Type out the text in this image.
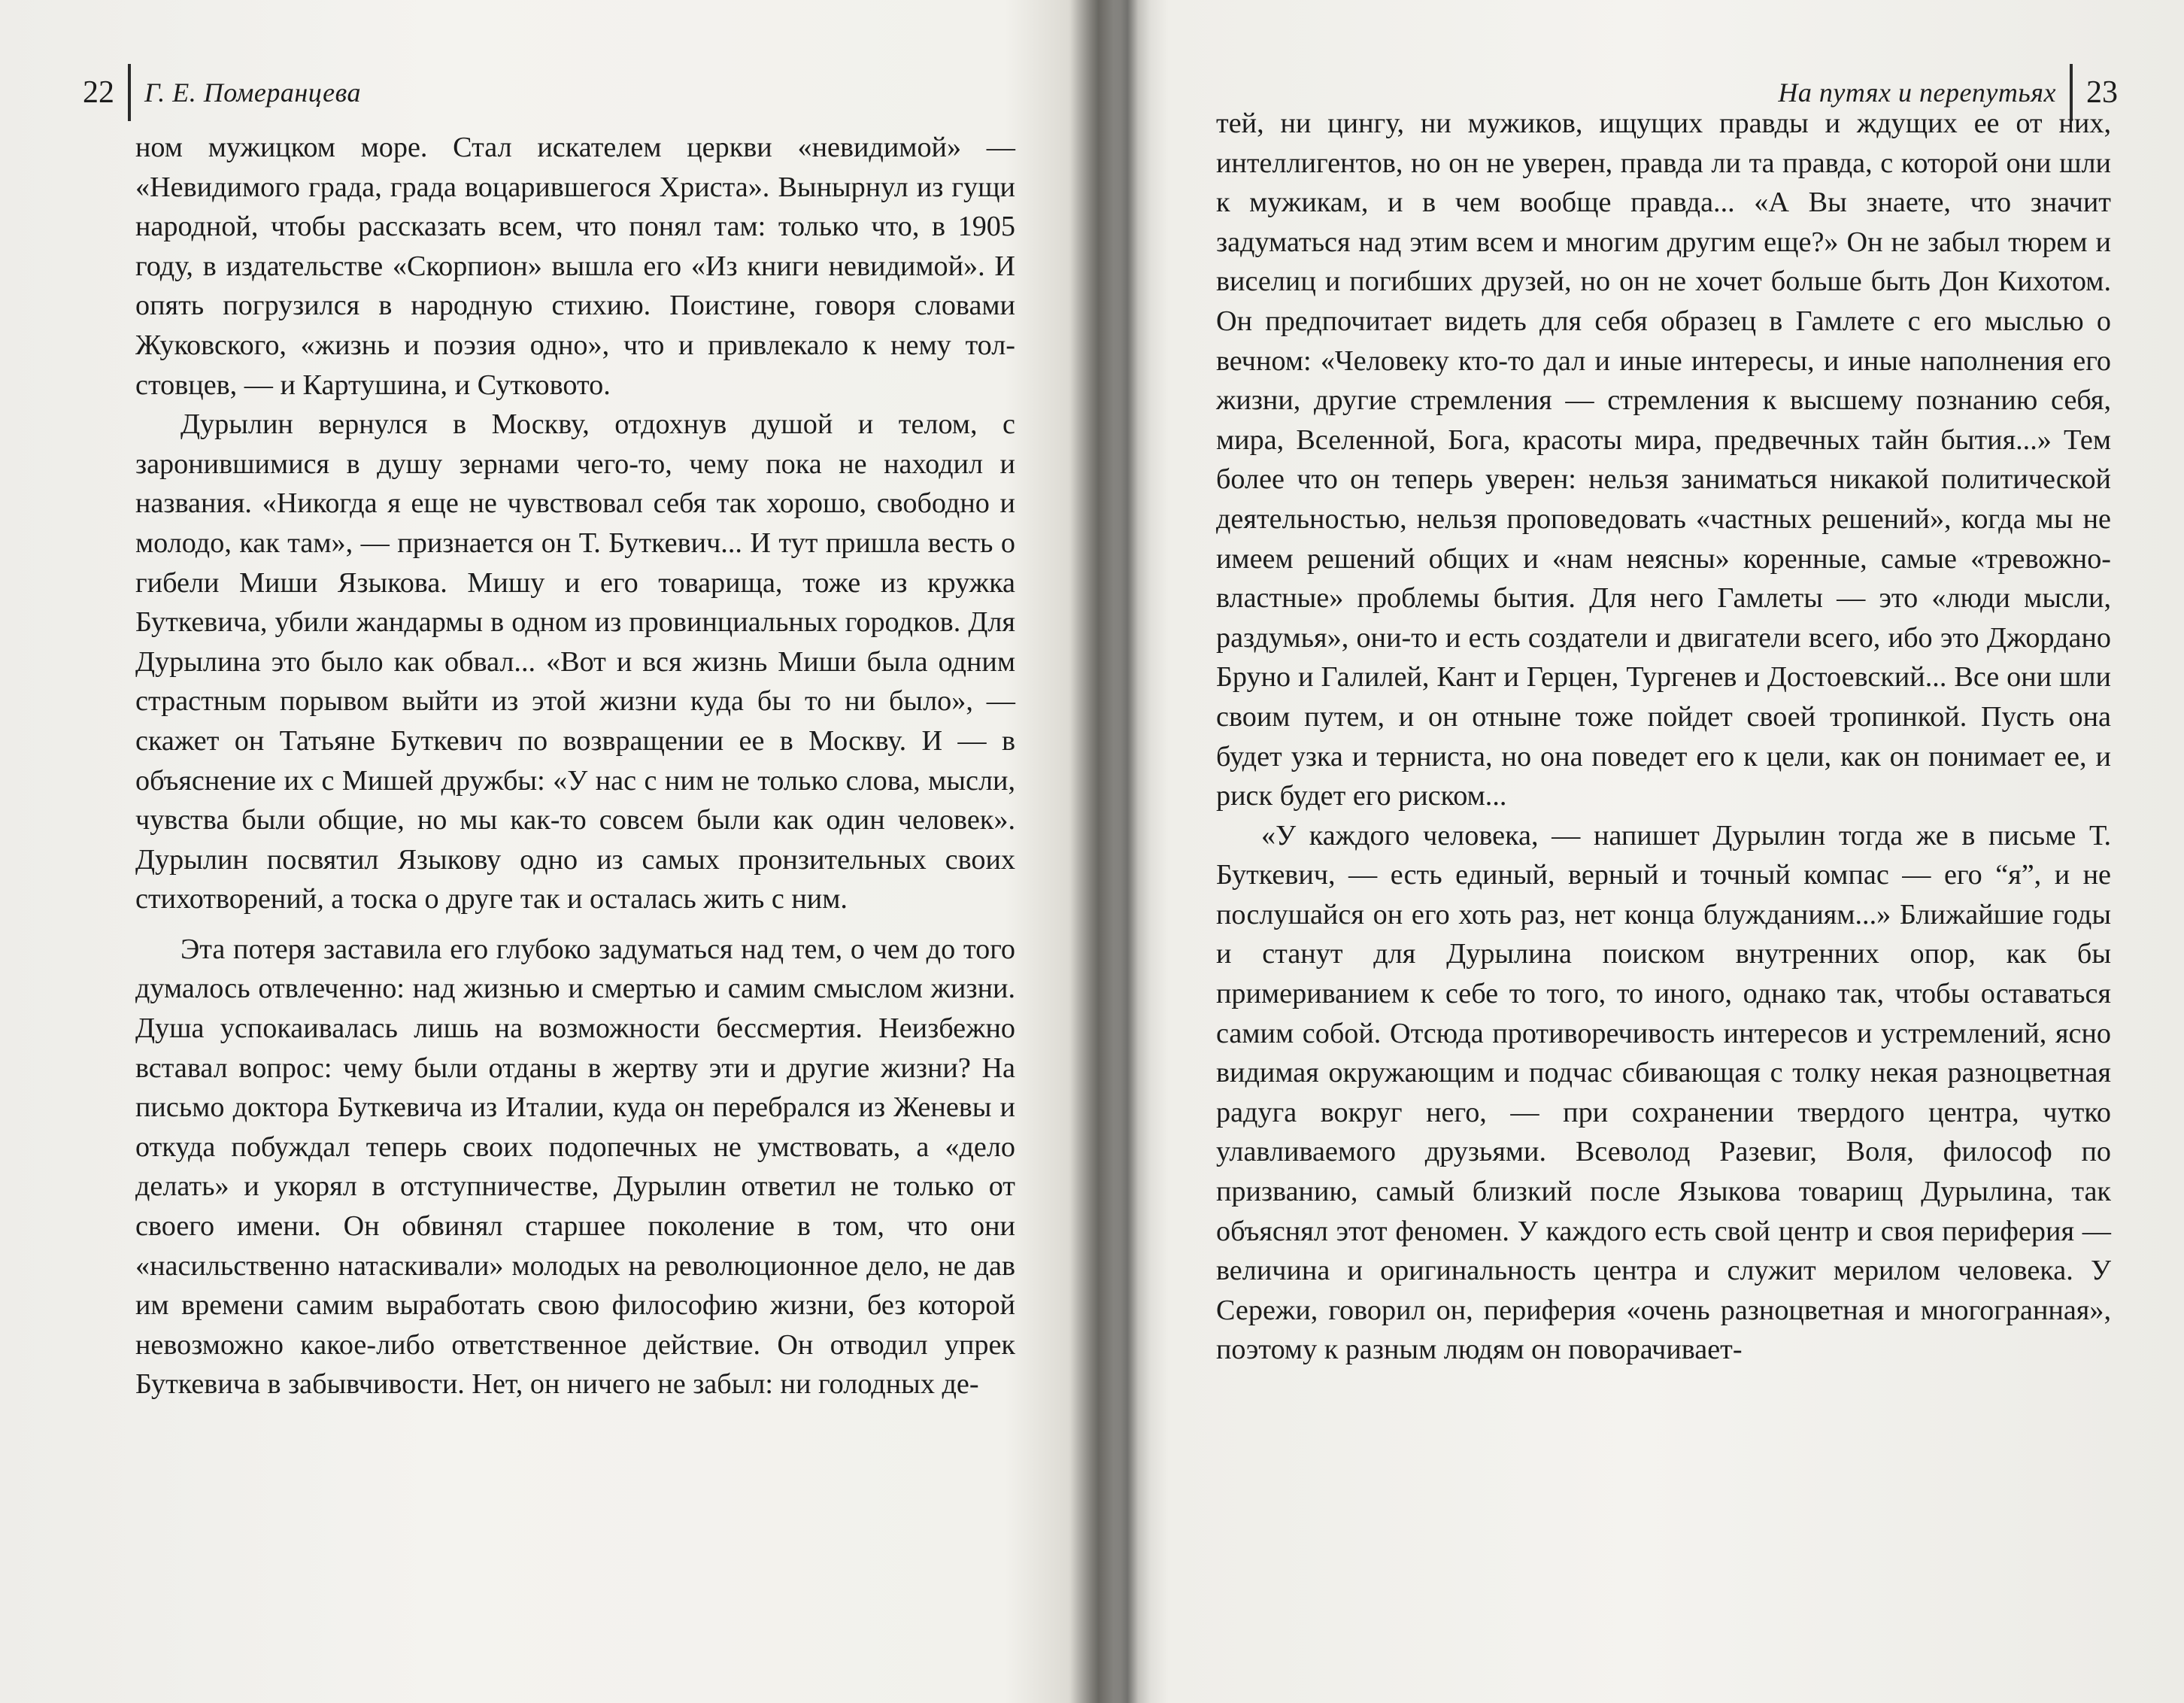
22 Г. Е. Померанцева

ном мужицком море. Стал искателем церкви «невидимой» — «Невидимого града, града воцарившегося Христа». Вынырнул из гущи народной, чтобы рассказать всем, что понял там: только что, в 1905 году, в издательстве «Скорпион» вышла его «Из книги невидимой». И опять погрузился в народную стихию. Поистине, говоря словами Жуковского, «жизнь и поэзия одно», что и привлекало к нему толстовцев, — и Картушина, и Сутковото.

Дурылин вернулся в Москву, отдохнув душой и телом, с заронившимися в душу зернами чего-то, чему пока не находил и названия. «Никогда я еще не чувствовал себя так хорошо, свободно и молодо, как там», — признается он Т. Буткевич... И тут пришла весть о гибели Миши Языкова. Мишу и его товарища, тоже из кружка Буткевича, убили жандармы в одном из провинциальных городков. Для Дурылина это было как обвал... «Вот и вся жизнь Миши была одним страстным порывом выйти из этой жизни куда бы то ни было», — скажет он Татьяне Буткевич по возвращении ее в Москву. И — в объяснение их с Мишей дружбы: «У нас с ним не только слова, мысли, чувства были общие, но мы как-то совсем были как один человек». Дурылин посвятил Языкову одно из самых пронзительных своих стихотворений, а тоска о друге так и осталась жить с ним.

Эта потеря заставила его глубоко задуматься над тем, о чем до того думалось отвлеченно: над жизнью и смертью и самим смыслом жизни. Душа успокаивалась лишь на возможности бессмертия. Неизбежно вставал вопрос: чему были отданы в жертву эти и другие жизни? На письмо доктора Буткевича из Италии, куда он перебрался из Женевы и откуда побуждал теперь своих подопечных не умствовать, а «дело делать» и укорял в отступничестве, Дурылин ответил не только от своего имени. Он обвинял старшее поколение в том, что они «насильственно натаскивали» молодых на революционное дело, не дав им времени самим выработать свою философию жизни, без которой невозможно какое-либо ответственное действие. Он отводил упрек Буткевича в забывчивости. Нет, он ничего не забыл: ни голодных де-

На путях и перепутьях 23

тей, ни цингу, ни мужиков, ищущих правды и ждущих ее от них, интеллигентов, но он не уверен, правда ли та правда, с которой они шли к мужикам, и в чем вообще правда... «А Вы знаете, что значит задуматься над этим всем и многим другим еще?» Он не забыл тюрем и виселиц и погибших друзей, но он не хочет больше быть Дон Кихотом. Он предпочитает видеть для себя образец в Гамлете с его мыслью о вечном: «Человеку кто-то дал и иные интересы, и иные наполнения его жизни, другие стремления — стремления к высшему познанию себя, мира, Вселенной, Бога, красоты мира, предвечных тайн бытия...» Тем более что он теперь уверен: нельзя заниматься никакой политической деятельностью, нельзя проповедовать «частных решений», когда мы не имеем решений общих и «нам неясны» коренные, самые «тревожно-властные» проблемы бытия. Для него Гамлеты — это «люди мысли, раздумья», они-то и есть создатели и двигатели всего, ибо это Джордано Бруно и Галилей, Кант и Герцен, Тургенев и Достоевский... Все они шли своим путем, и он отныне тоже пойдет своей тропинкой. Пусть она будет узка и терниста, но она поведет его к цели, как он понимает ее, и риск будет его риском...

«У каждого человека, — напишет Дурылин тогда же в письме Т. Буткевич, — есть единый, верный и точный компас — его “я”, и не послушайся он его хоть раз, нет конца блужданиям...» Ближайшие годы и станут для Дурылина поиском внутренних опор, как бы примериванием к себе то того, то иного, однако так, чтобы оставаться самим собой. Отсюда противоречивость интересов и устремлений, ясно видимая окружающим и подчас сбивающая с толку некая разноцветная радуга вокруг него, — при сохранении твердого центра, чутко улавливаемого друзьями. Всеволод Разевиг, Воля, философ по призванию, самый близкий после Языкова товарищ Дурылина, так объяснял этот феномен. У каждого есть свой центр и своя периферия — величина и оригинальность центра и служит мерилом человека. У Сережи, говорил он, периферия «очень разноцветная и многогранная», поэтому к разным людям он поворачивает-
